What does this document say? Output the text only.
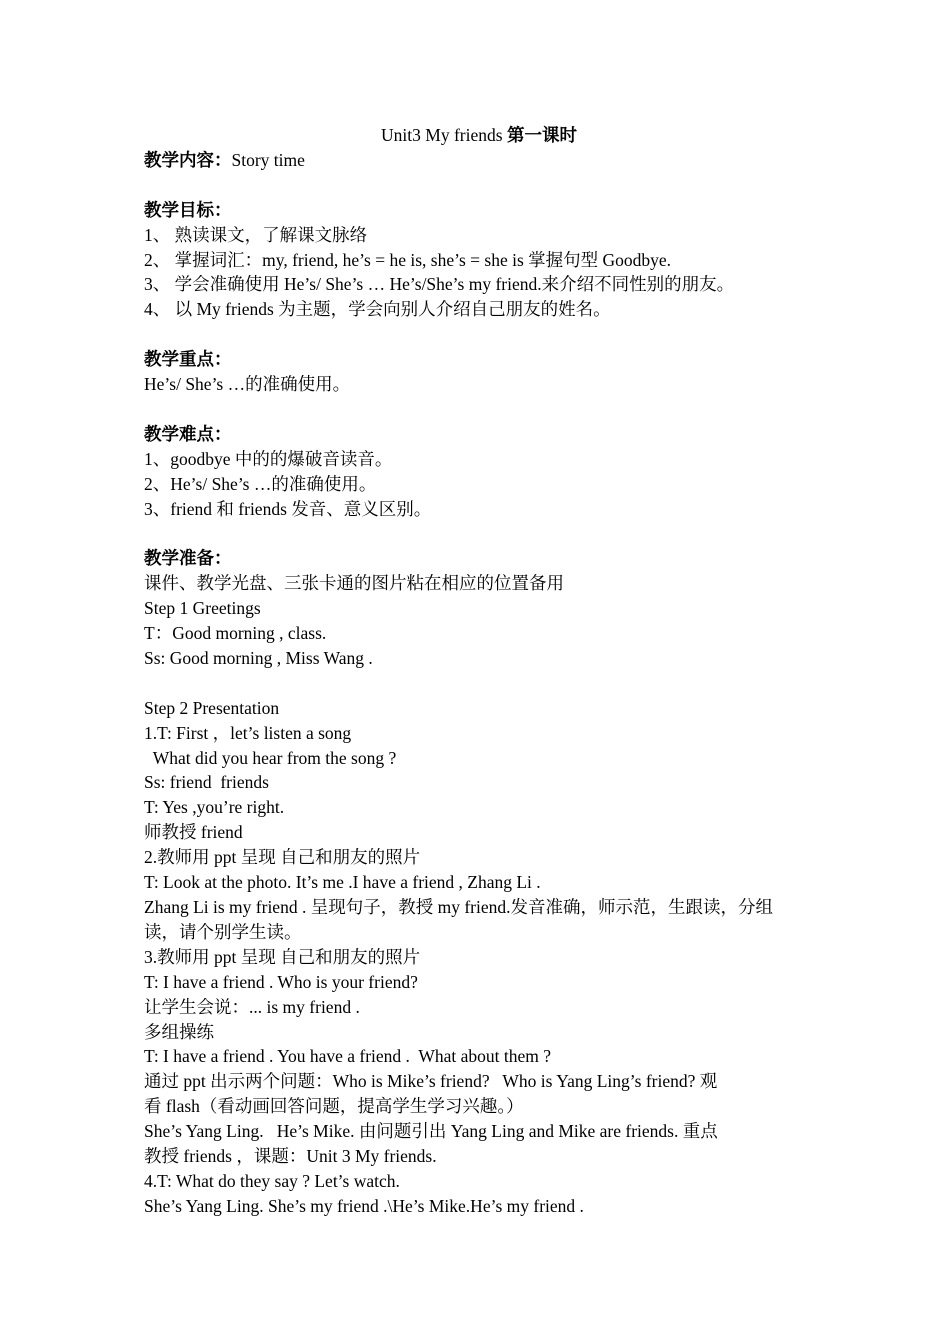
Unit3 My friends 第一课时
教学内容：Story time
教学目标：
1、 熟读课文，了解课文脉络
2、 掌握词汇：my, friend, he’s = he is, she’s = she is 掌握句型 Goodbye.
3、 学会准确使用 He’s/ She’s … He’s/She’s my friend.来介绍不同性别的朋友。
4、 以 My friends 为主题，学会向别人介绍自己朋友的姓名。
教学重点：
He’s/ She’s …的准确使用。
教学难点：
1、goodbye 中的的爆破音读音。
2、He’s/ She’s …的准确使用。
3、friend 和 friends 发音、意义区别。
教学准备：
课件、教学光盘、三张卡通的图片粘在相应的位置备用
Step 1 Greetings
T：Good morning , class.
Ss: Good morning , Miss Wang .
Step 2 Presentation
1.T: First ，let’s listen a song
What did you hear from the song ?
Ss: friend  friends
T: Yes ,you’re right.
师教授 friend
2.教师用 ppt 呈现 自己和朋友的照片
T: Look at the photo. It’s me .I have a friend , Zhang Li .
Zhang Li is my friend . 呈现句子，教授 my friend.发音准确，师示范，生跟读，分组
读，请个别学生读。
3.教师用 ppt 呈现 自己和朋友的照片
T: I have a friend . Who is your friend?
让学生会说：... is my friend .
多组操练
T: I have a friend . You have a friend .  What about them ?
通过 ppt 出示两个问题：Who is Mike’s friend?   Who is Yang Ling’s friend? 观
看 flash（看动画回答问题，提高学生学习兴趣。）
She’s Yang Ling.   He’s Mike. 由问题引出 Yang Ling and Mike are friends. 重点
教授 friends ，课题：Unit 3 My friends.
4.T: What do they say ? Let’s watch.
She’s Yang Ling. She’s my friend .\He’s Mike.He’s my friend .
